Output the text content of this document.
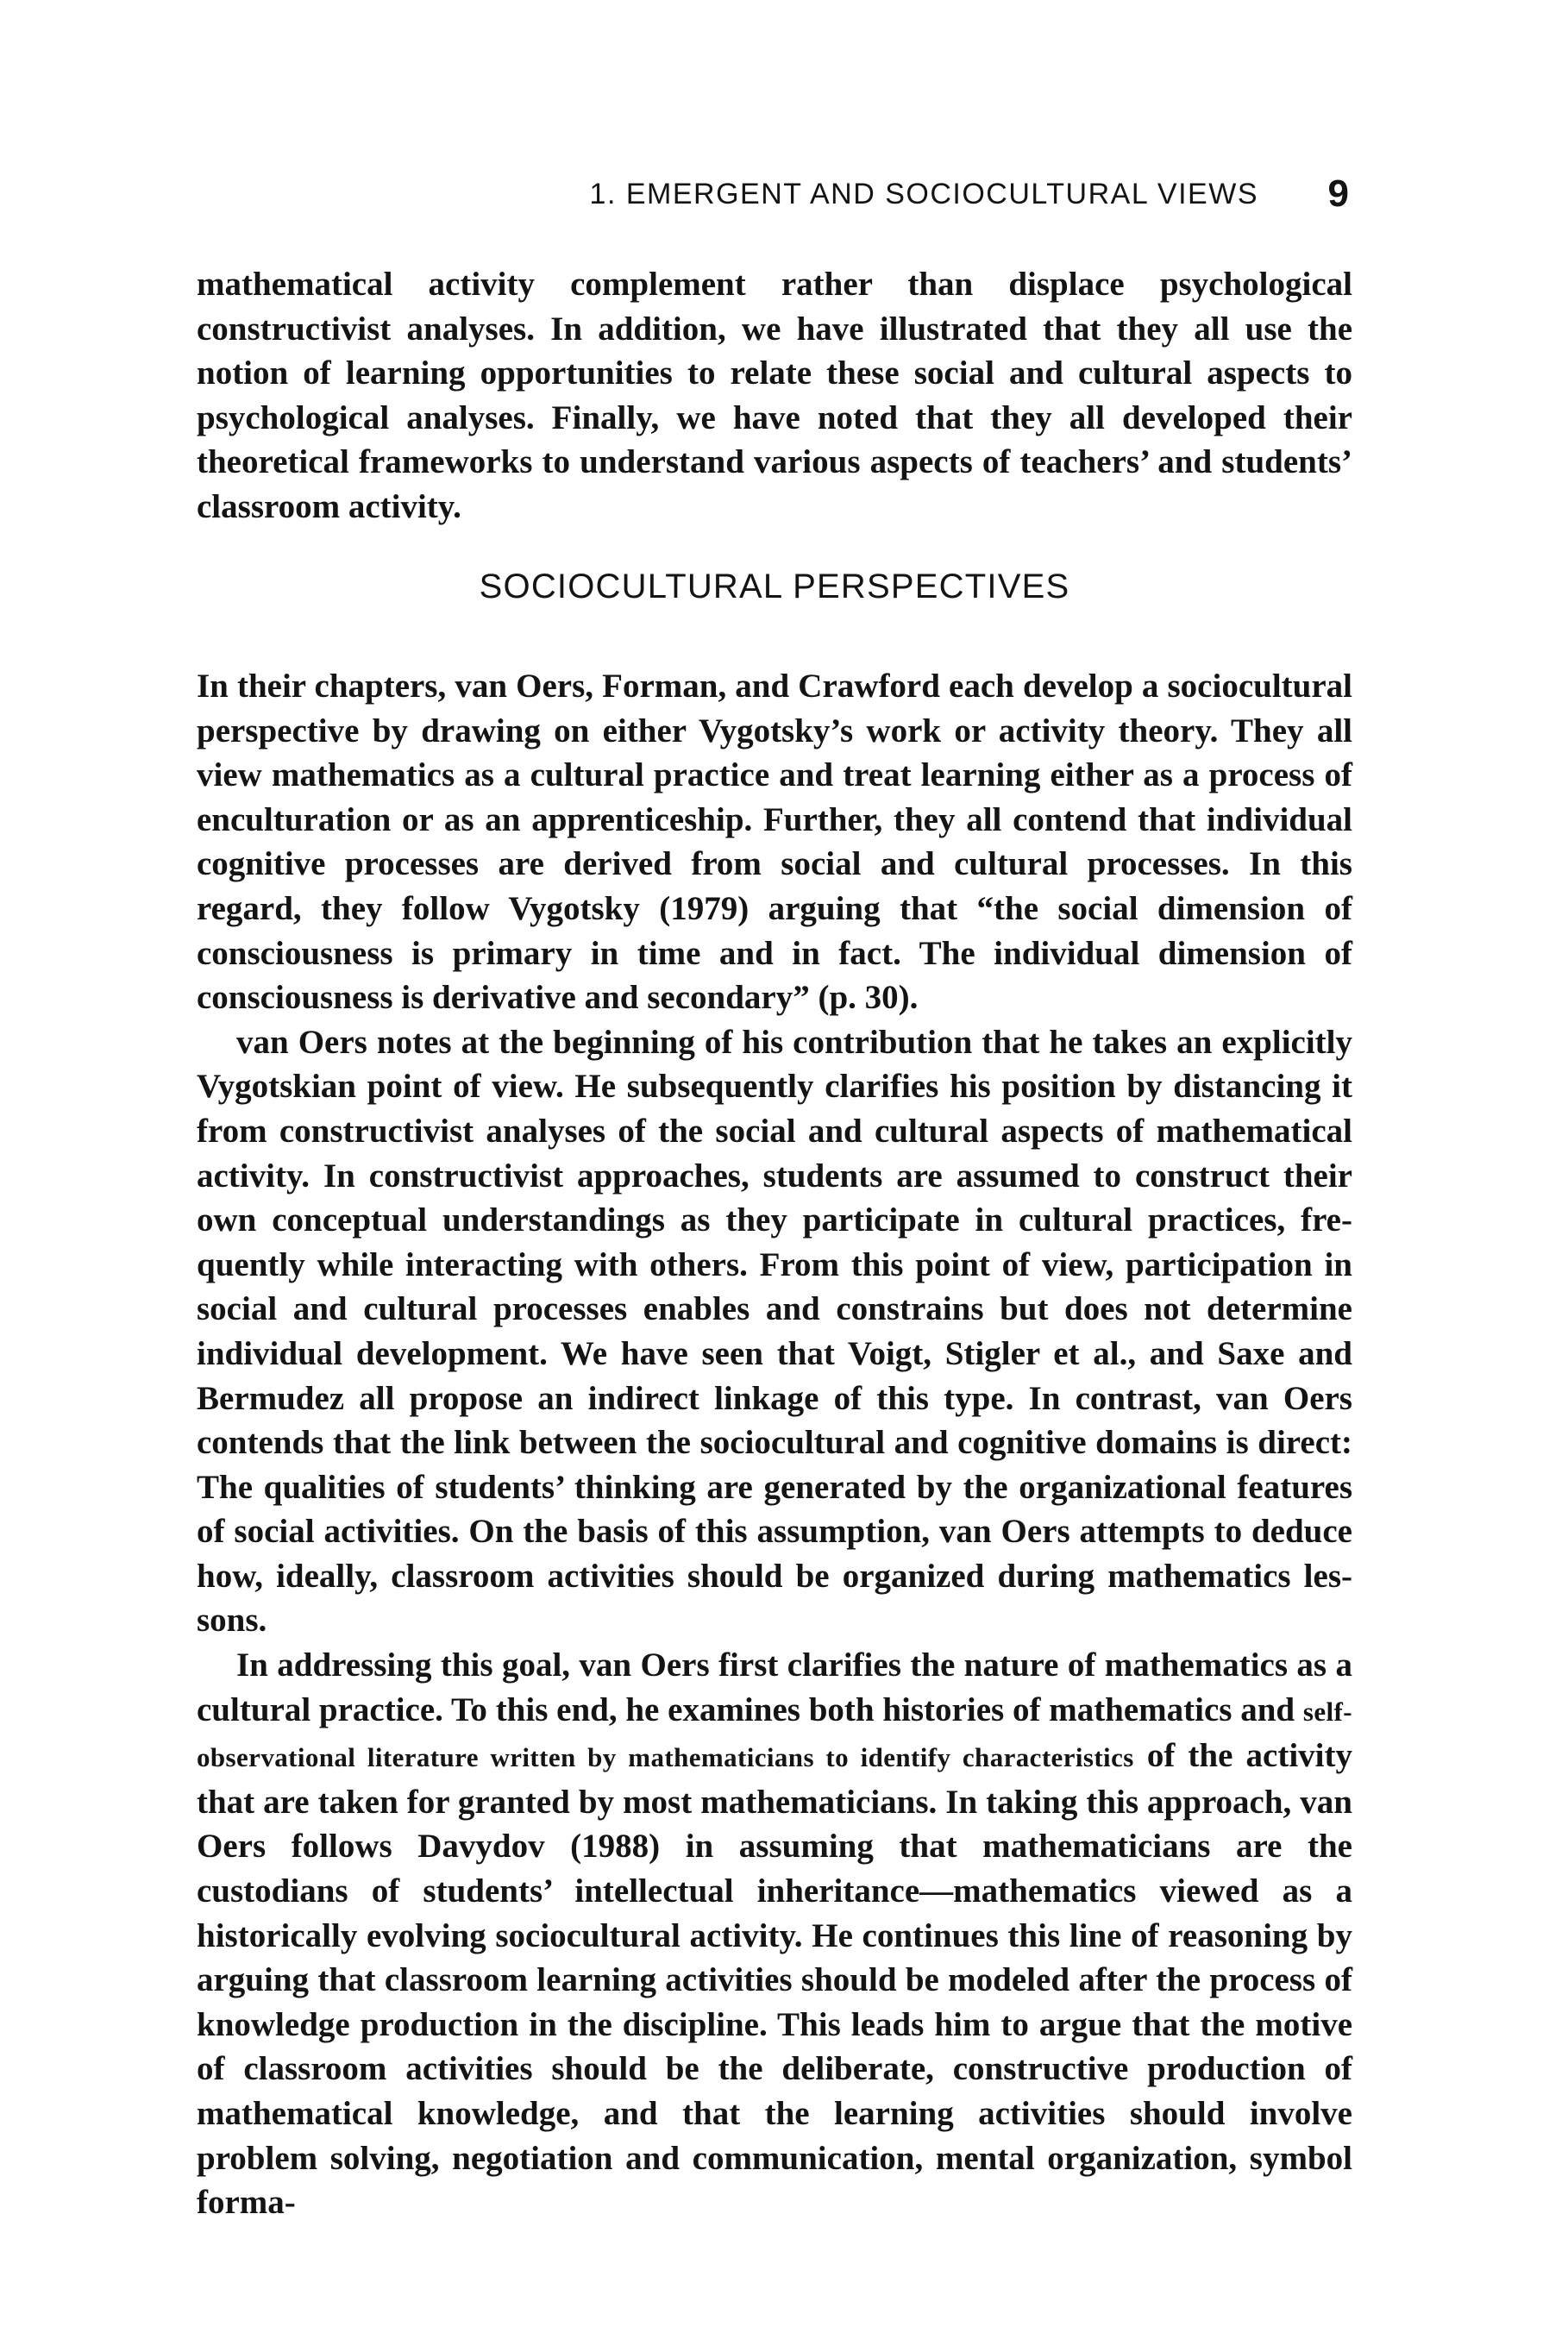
1. EMERGENT AND SOCIOCULTURAL VIEWS 9

mathematical activity complement rather than displace psychological constructivist analyses. In addition, we have illustrated that they all use the notion of learning opportunities to relate these social and cultural aspects to psychological analyses. Finally, we have noted that they all developed their theoretical frameworks to understand various aspects of teachers’ and students’ classroom activity.

SOCIOCULTURAL PERSPECTIVES

In their chapters, van Oers, Forman, and Crawford each develop a sociocultural perspective by drawing on either Vygotsky’s work or activity theory. They all view mathematics as a cultural practice and treat learning either as a process of enculturation or as an apprenticeship. Further, they all contend that individual cognitive processes are derived from social and cultural processes. In this regard, they follow Vygotsky (1979) arguing that “the social dimension of consciousness is primary in time and in fact. The individual dimension of consciousness is derivative and secondary” (p. 30).

van Oers notes at the beginning of his contribution that he takes an explicitly Vygotskian point of view. He subsequently clarifies his position by distancing it from constructivist analyses of the social and cultural aspects of mathematical activity. In constructivist approaches, students are assumed to construct their own conceptual understandings as they participate in cultural practices, frequently while interacting with others. From this point of view, participation in social and cultural processes enables and constrains but does not determine individual development. We have seen that Voigt, Stigler et al., and Saxe and Bermudez all propose an indirect linkage of this type. In contrast, van Oers contends that the link between the sociocultural and cognitive domains is direct: The qualities of students’ thinking are generated by the organizational features of social activities. On the basis of this assumption, van Oers attempts to deduce how, ideally, classroom activities should be organized during mathematics lessons.

In addressing this goal, van Oers first clarifies the nature of mathematics as a cultural practice. To this end, he examines both histories of mathematics and self-observational literature written by mathematicians to identify characteristics of the activity that are taken for granted by most mathematicians. In taking this approach, van Oers follows Davydov (1988) in assuming that mathematicians are the custodians of students’ intellectual inheritance—mathematics viewed as a historically evolving sociocultural activity. He continues this line of reasoning by arguing that classroom learning activities should be modeled after the process of knowledge production in the discipline. This leads him to argue that the motive of classroom activities should be the deliberate, constructive production of mathematical knowledge, and that the learning activities should involve problem solving, negotiation and communication, mental organization, symbol forma-
